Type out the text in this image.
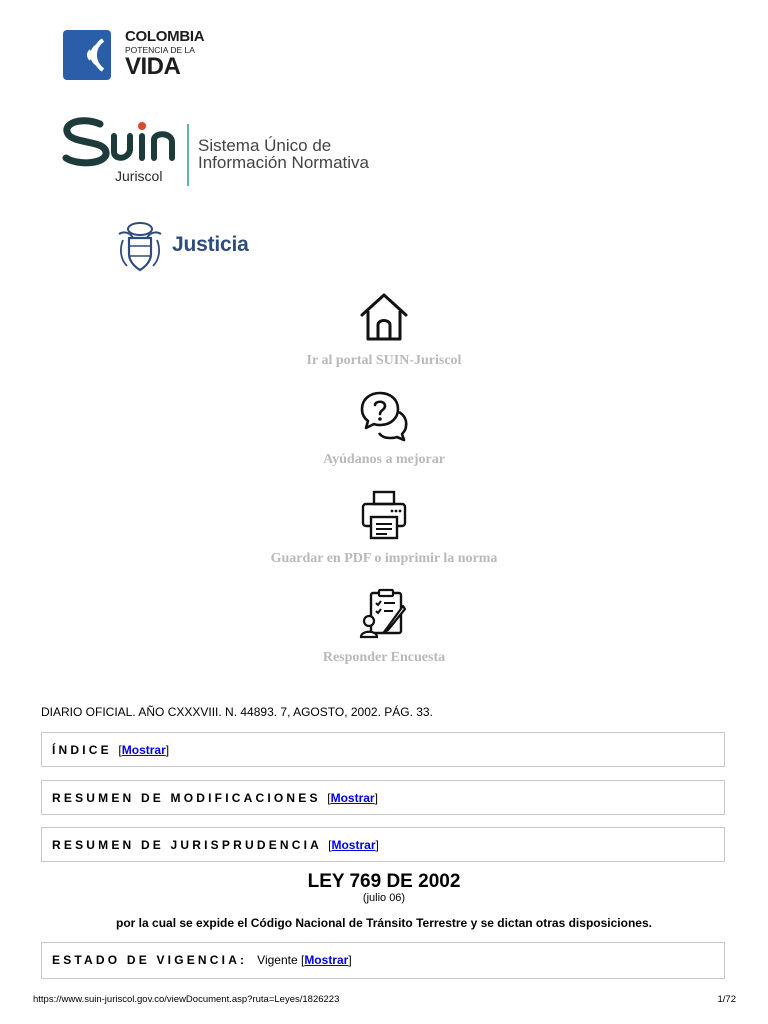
COLOMBIA
POTENCIA DE LA
VIDA
Juriscol
Sistema Único de
Información Normativa
Justicia
Ir al portal SUIN-Juriscol
Ayúdanos a mejorar
Guardar en PDF o imprimir la norma
Responder Encuesta
DIARIO OFICIAL. AÑO CXXXVIII. N. 44893. 7, AGOSTO, 2002. PÁG. 33.
ÍNDICE [Mostrar]
RESUMEN DE MODIFICACIONES [Mostrar]
RESUMEN DE JURISPRUDENCIA [Mostrar]
LEY 769 DE 2002
(julio 06)
por la cual se expide el Código Nacional de Tránsito Terrestre y se dictan otras disposiciones.
ESTADO DE VIGENCIA: Vigente [Mostrar]
https://www.suin-juriscol.gov.co/viewDocument.asp?ruta=Leyes/1826223	1/72
